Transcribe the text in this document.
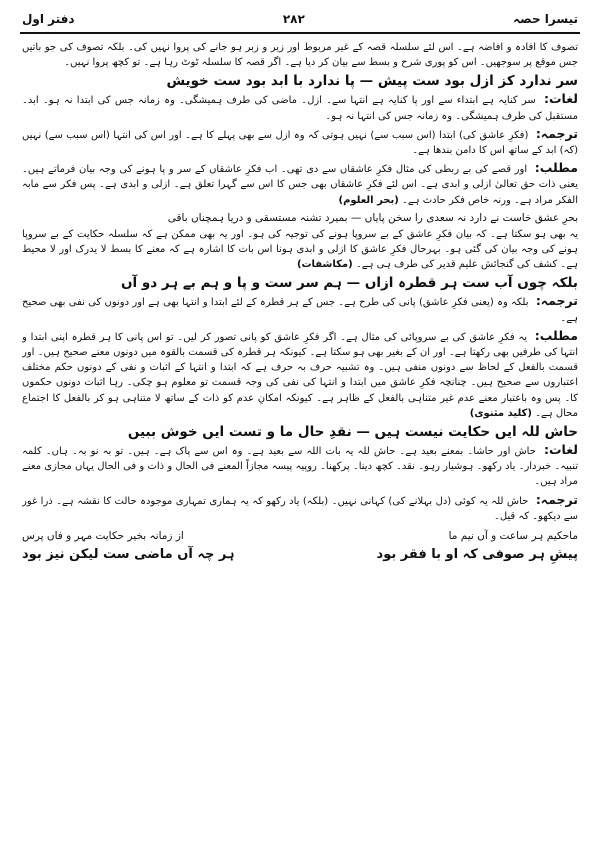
دفتر اول	۲۸۲	تیسرا حصہ

تصوف کا افادہ و افاضہ ہے۔ اس لئے سلسلہ قصہ کے غیر مربوط اور زیر و زبر ہو جانے کی پروا نہیں کی۔ بلکہ تصوف کی جو باتیں جس موقع پر سوجھیں۔ اس کو پوری شرح و بسط سے بیان کر دیا ہے۔ اگر قصہ کا سلسلہ ٹوٹ رہا ہے۔ تو کچھ پروا نہیں۔

سر ندارد کز ازل بود ست پیش — پا ندارد با ابد بود ست خویش

لغات: سر کنایہ ہے ابتداء سے اور پا کنایہ ہے انتہا سے۔ ازل۔ ماضی کی طرف ہمیشگی۔ وہ زمانہ جس کی ابتدا نہ ہو۔ ابد۔ مستقبل کی طرف ہمیشگی۔ وہ زمانہ جس کی انتہا نہ ہو۔

ترجمہ: (فکرِ عاشق کی) ابتدا (اس سبب سے) نہیں ہوتی کہ وہ ازل سے بھی پہلے کا ہے۔ اور اس کی انتہا (اس سبب سے) نہیں (کہ) ابد کے ساتھ اس کا دامن بندھا ہے۔

مطلب: اور قصے کی بے ربطی کی مثال فکرِ عاشقاں سے دی تھی۔ اب فکرِ عاشقاں کے سر و پا ہونے کی وجہ بیان فرماتے ہیں۔ یعنی ذات حق تعالیٰ ازلی و ابدی ہے۔ اس لئے فکرِ عاشقاں بھی جس کا اس سے گہرا تعلق ہے۔ ازلی و ابدی ہے۔ پس فکر سے مابہ الفکر مراد ہے۔ ورنہ خاص فکر حادث ہے۔ (بحر العلوم)

بحرِ عشق خاست نے دارد نہ سعدی را سخن پایاں — بمیرد تشنہ مستسقی و دریا ہمچناں باقی

یہ بھی ہو سکتا ہے۔ کہ بیان فکرِ عاشق کے بے سروپا ہونے کی توجیہ کی ہو۔ اور یہ بھی ممکن ہے کہ سلسلہ حکایت کے بے سروپا ہونے کی وجہ بیان کی گئی ہو۔ بہرحال فکرِ عاشق کا ازلی و ابدی ہونا اس بات کا اشارہ ہے کہ معنے کا بسط لا یدرک اور لا محیط ہے۔ کشف کی گنجائش علیم قدیر کی طرف ہی ہے۔ (مکاشفات)

بلکہ چوں آب ست ہر قطرہ ازاں — ہم سر ست و پا و ہم بے ہر دو آں

ترجمہ: بلکہ وہ (یعنی فکرِ عاشق) پانی کی طرح ہے۔ جس کے ہر قطرہ کے لئے ابتدا و انتہا بھی ہے اور دونوں کی نفی بھی صحیح ہے۔

مطلب: یہ فکرِ عاشق کی بے سروپائی کی مثال ہے۔ اگر فکرِ عاشق کو پانی تصور کر لیں۔ تو اس پانی کا ہر قطرہ اپنی ابتدا و انتہا کی طرفیں بھی رکھتا ہے۔ اور ان کے بغیر بھی ہو سکتا ہے۔ کیونکہ ہر قطرہ کی قسمت بالقوہ میں دونوں معنے صحیح ہیں۔ اور قسمت بالفعل کے لحاظ سے دونوں منفی ہیں۔ وہ تشبیہ حرف بہ حرف ہے کہ ابتدا و انتہا کے اثبات و نفی کے دونوں حکم مختلف اعتباروں سے صحیح ہیں۔ چنانچہ فکرِ عاشق میں ابتدا و انتہا کی نفی کی وجہ قسمت تو معلوم ہو چکی۔ رہا اثبات دونوں حکموں کا۔ پس وہ باعتبار معنے عدم غیر متناہی بالفعل کے ظاہر ہے۔ کیونکہ امکانِ عدم کو ذات کے ساتھ لا متناہی ہو کر بالفعل کا اجتماع محال ہے۔ (کلید مثنوی)

حاش للہ ایں حکایت نیست ہیں — نقدِ حال ما و تست ایں خوش ببیں

لغات: حاش اور حاشا۔ بمعنے بعید ہے۔ حاش للہ یہ بات اللہ سے بعید ہے۔ وہ اس سے پاک ہے۔ ہیں۔ تو بہ نو بہ۔ ہاں۔ کلمہ تنبیہ۔ خبردار۔ یاد رکھو۔ ہوشیار رہو۔ نقد۔ کچھ دینا۔ پرکھنا۔ روپیہ پیسہ مجازاً المعنے فی الحال و ذات و فی الحال یہاں مجازی معنے مراد ہیں۔

ترجمہ: حاش للہ یہ کوئی (دل بہلانے کی) کہانی نہیں۔ (بلکہ) یاد رکھو کہ یہ ہماری تمہاری موجودہ حالت کا نقشہ ہے۔ ذرا غور سے دیکھو۔ کہ قیل۔

ماحکیم ہر ساعت و آں نیم ما
از زمانہ بخیر حکایت مہر و فاں پرس
پیشِ ہر صوفی کہ او با فقر بود
ہر چہ آں ماضی ست لیکن نیز بود
